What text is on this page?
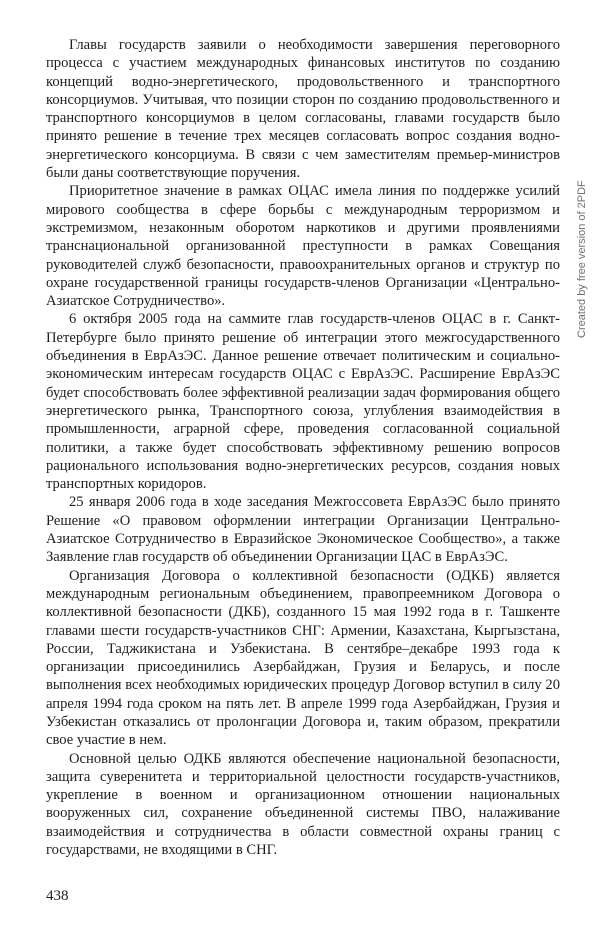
Главы государств заявили о необходимости завершения переговорного процесса с участием международных финансовых институтов по созданию концепций водно-энергетического, продовольственного и транспортного консорциумов. Учитывая, что позиции сторон по созданию продовольственного и транспортного консорциумов в целом согласованы, главами государств было принято решение в течение трех месяцев согласовать вопрос создания водно-энергетического консорциума. В связи с чем заместителям премьер-министров были даны соответствующие поручения.

Приоритетное значение в рамках ОЦАС имела линия по поддержке усилий мирового сообщества в сфере борьбы с международным терроризмом и экстремизмом, незаконным оборотом наркотиков и другими проявлениями транснациональной организованной преступности в рамках Совещания руководителей служб безопасности, правоохранительных органов и структур по охране государственной границы государств-членов Организации «Центрально-Азиатское Сотрудничество».

6 октября 2005 года на саммите глав государств-членов ОЦАС в г. Санкт-Петербурге было принято решение об интеграции этого межгосударственного объединения в ЕврАзЭС. Данное решение отвечает политическим и социально-экономическим интересам государств ОЦАС с ЕврАзЭС. Расширение ЕврАзЭС будет способствовать более эффективной реализации задач формирования общего энергетического рынка, Транспортного союза, углубления взаимодействия в промышленности, аграрной сфере, проведения согласованной социальной политики, а также будет способствовать эффективному решению вопросов рационального использования водно-энергетических ресурсов, создания новых транспортных коридоров.

25 января 2006 года в ходе заседания Межгоссовета ЕврАзЭС было принято Решение «О правовом оформлении интеграции Организации Центрально-Азиатское Сотрудничество в Евразийское Экономическое Сообщество», а также Заявление глав государств об объединении Организации ЦАС в ЕврАзЭС.

Организация Договора о коллективной безопасности (ОДКБ) является международным региональным объединением, правопреемником Договора о коллективной безопасности (ДКБ), созданного 15 мая 1992 года в г. Ташкенте главами шести государств-участников СНГ: Армении, Казахстана, Кыргызстана, России, Таджикистана и Узбекистана. В сентябре–декабре 1993 года к организации присоединились Азербайджан, Грузия и Беларусь, и после выполнения всех необходимых юридических процедур Договор вступил в силу 20 апреля 1994 года сроком на пять лет. В апреле 1999 года Азербайджан, Грузия и Узбекистан отказались от пролонгации Договора и, таким образом, прекратили свое участие в нем.

Основной целью ОДКБ являются обеспечение национальной безопасности, защита суверенитета и территориальной целостности государств-участников, укрепление в военном и организационном отношении национальных вооруженных сил, сохранение объединенной системы ПВО, налаживание взаимодействия и сотрудничества в области совместной охраны границ с государствами, не входящими в СНГ.

438
Created by free version of 2PDF
